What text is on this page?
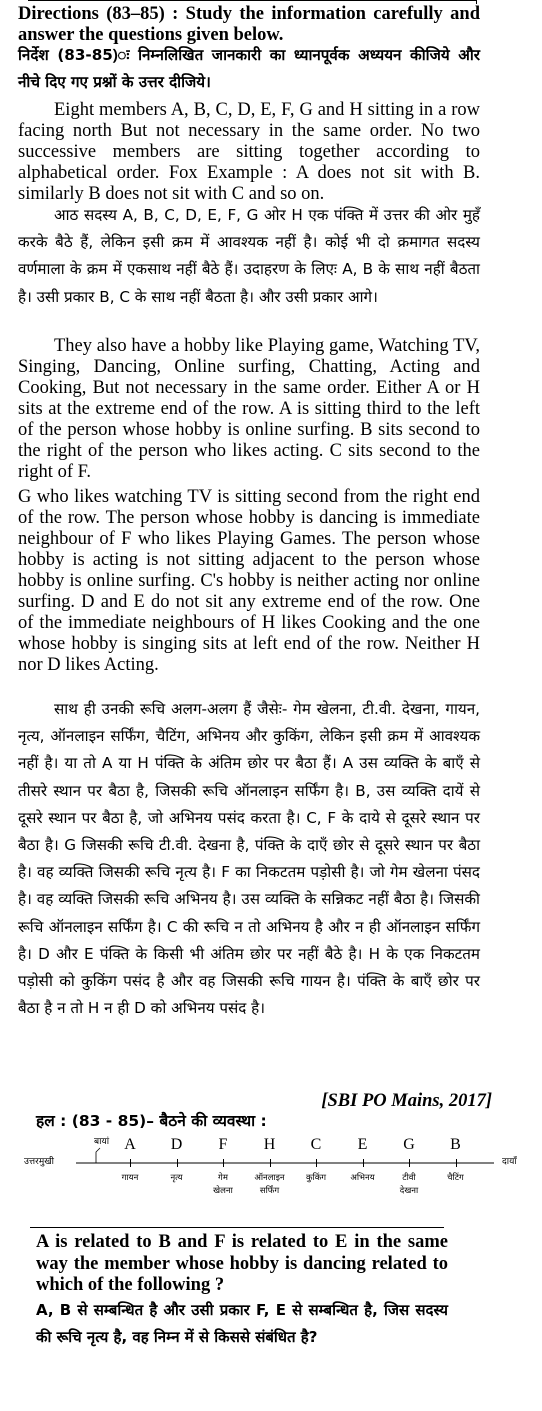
Directions (83–85) : Study the information carefully and answer the questions given below.
निर्देश (83-85)ः निम्नलिखित जानकारी का ध्यानपूर्वक अध्ययन कीजिये और नीचे दिए गए प्रश्नों के उत्तर दीजिये।
Eight members A, B, C, D, E, F, G and H sitting in a row facing north But not necessary in the same order. No two successive members are sitting together according to alphabetical order. Fox Example : A does not sit with B. similarly B does not sit with C and so on.
आठ सदस्य A, B, C, D, E, F, G ओर H एक पंक्ति में उत्तर की ओर मुहँ करके बैठे हैं, लेकिन इसी क्रम में आवश्यक नहीं है। कोई भी दो क्रमागत सदस्य वर्णमाला के क्रम में एकसाथ नहीं बैठे हैं। उदाहरण के लिएः A, B के साथ नहीं बैठता है। उसी प्रकार B, C के साथ नहीं बैठता है। और उसी प्रकार आगे।
They also have a hobby like Playing game, Watching TV, Singing, Dancing, Online surfing, Chatting, Acting and Cooking, But not necessary in the same order. Either A or H sits at the extreme end of the row. A is sitting third to the left of the person whose hobby is online surfing. B sits second to the right of the person who likes acting. C sits second to the right of F.
G who likes watching TV is sitting second from the right end of the row. The person whose hobby is dancing is immediate neighbour of F who likes Playing Games. The person whose hobby is acting is not sitting adjacent to the person whose hobby is online surfing. C's hobby is neither acting nor online surfing. D and E do not sit any extreme end of the row. One of the immediate neighbours of H likes Cooking and the one whose hobby is singing sits at left end of the row. Neither H nor D likes Acting.
साथ ही उनकी रूचि अलग-अलग हैं जैसेः- गेम खेलना, टी.वी. देखना, गायन, नृत्य, ऑनलाइन सर्फिंग, चैटिंग, अभिनय और कुकिंग, लेकिन इसी क्रम में आवश्यक नहीं है। या तो A या H पंक्ति के अंतिम छोर पर बैठा हैं। A उस व्यक्ति के बाएँ से तीसरे स्थान पर बैठा है, जिसकी रूचि ऑनलाइन सर्फिंग है। B, उस व्यक्ति दायें से दूसरे स्थान पर बैठा है, जो अभिनय पसंद करता है। C, F के दाये से दूसरे स्थान पर बैठा है। G जिसकी रूचि टी.वी. देखना है, पंक्ति के दाएँ छोर से दूसरे स्थान पर बैठा है। वह व्यक्ति जिसकी रूचि नृत्य है। F का निकटतम पड़ोसी है। जो गेम खेलना पंसद है। वह व्यक्ति जिसकी रूचि अभिनय है। उस व्यक्ति के सन्निकट नहीं बैठा है। जिसकी रूचि ऑनलाइन सर्फिंग है। C की रूचि न तो अभिनय है और न ही ऑनलाइन सर्फिंग है। D और E पंक्ति के किसी भी अंतिम छोर पर नहीं बैठे है। H के एक निकटतम पड़ोसी को कुकिंग पसंद है और वह जिसकी रूचि गायन है। पंक्ति के बाएँ छोर पर बैठा है न तो H न ही D को अभिनय पसंद है।
[SBI PO Mains, 2017]
हल : (83 - 85)– बैठने की व्यवस्था :
उत्तरमुखी
बायां
दायाँ
A
गायन
D
नृत्य
F
गेम
खेलना
H
ऑनलाइन
सर्फिंग
C
कुकिंग
E
अभिनय
G
टीवी
देखना
B
चैटिंग
A is related to B and F is related to E in the same way the member whose hobby is dancing related to which of the following ?
A, B से सम्बन्धित है और उसी प्रकार F, E से सम्बन्धित है, जिस सदस्य की रूचि नृत्य है, वह निम्न में से किससे संबंधित है?
